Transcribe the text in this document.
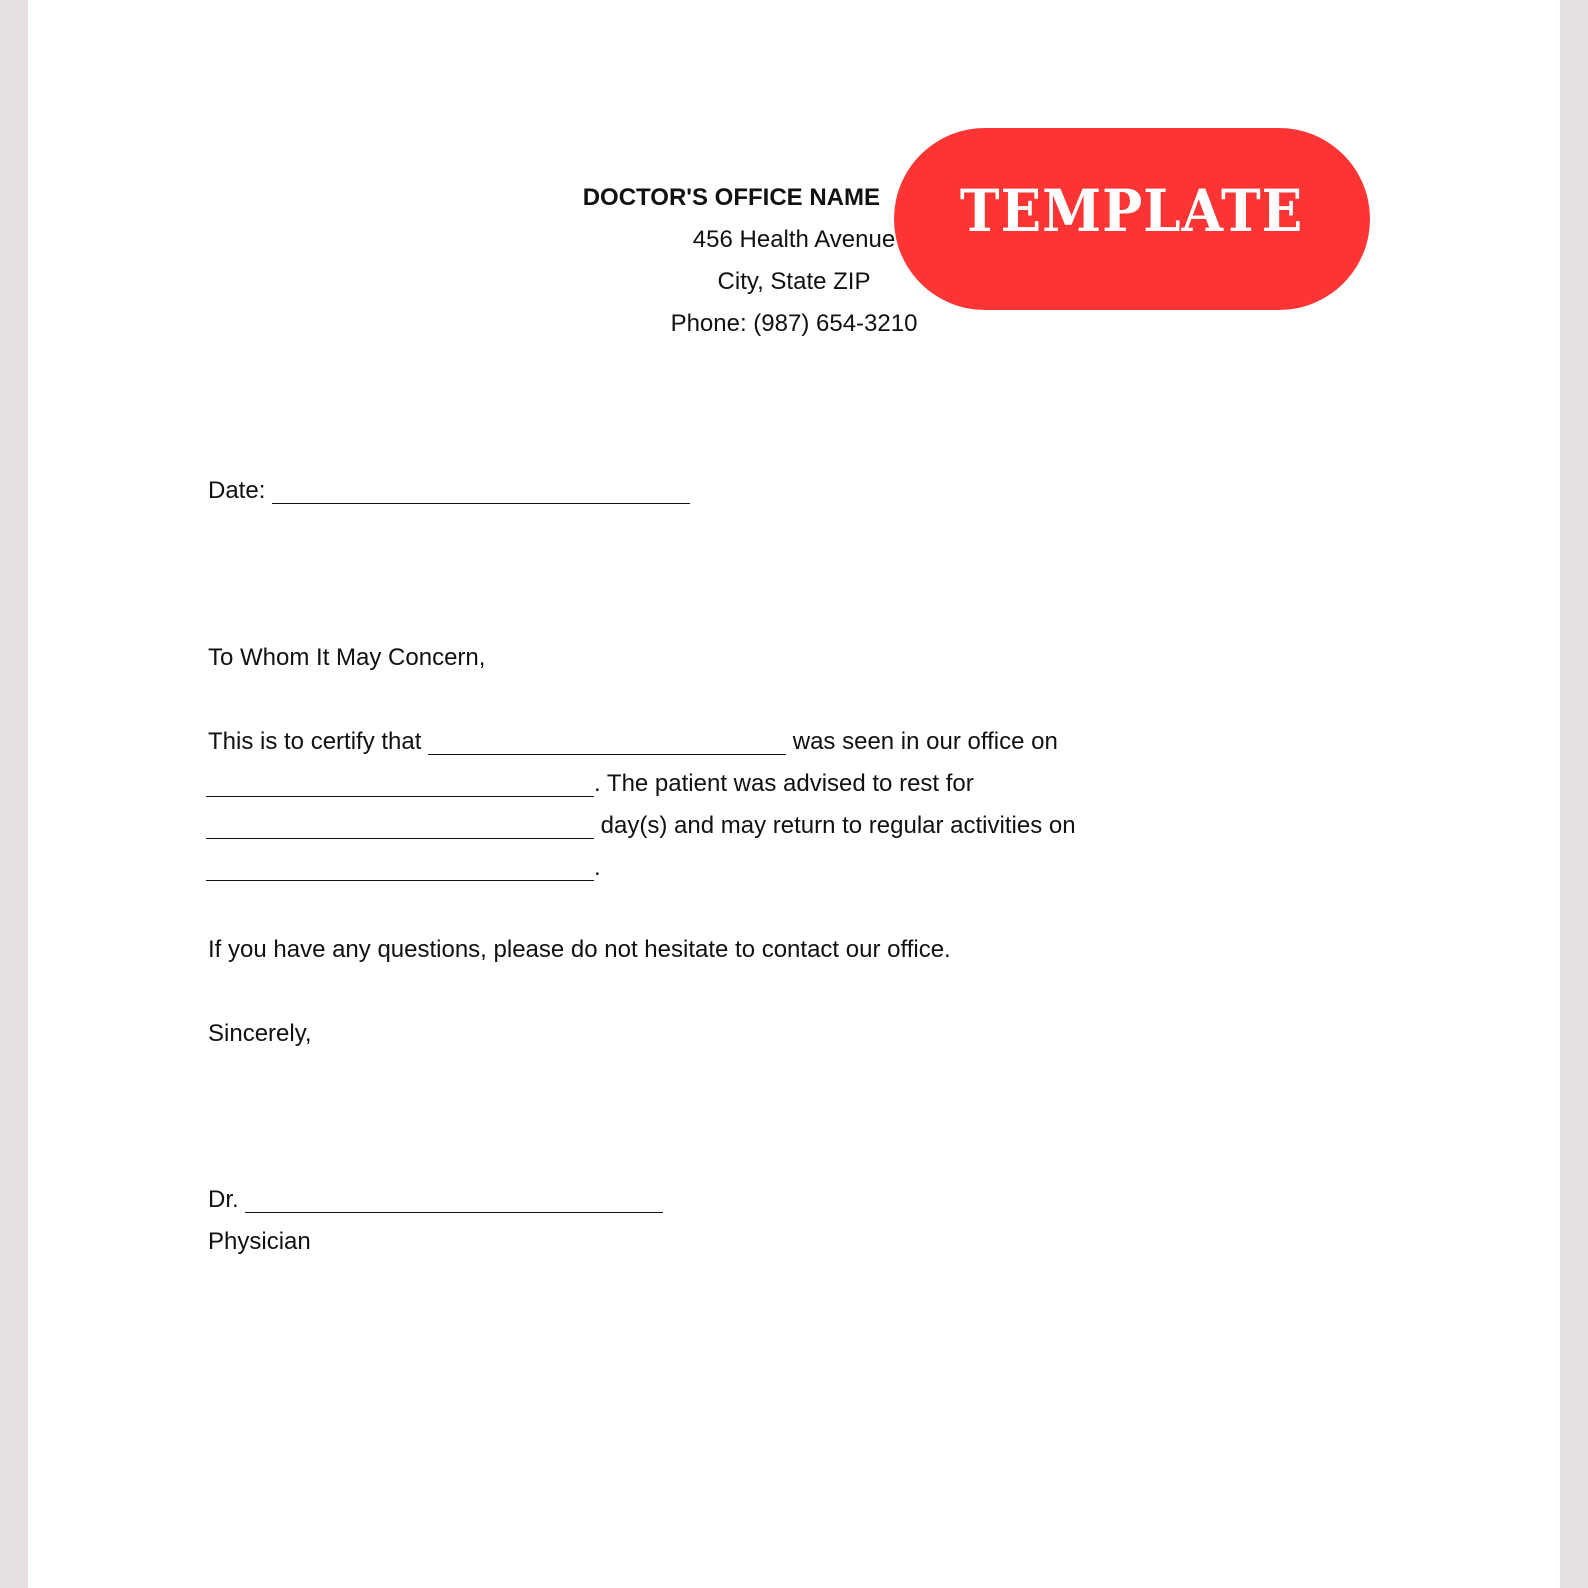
DOCTOR'S OFFICE NAME
456 Health Avenue
City, State ZIP
Phone: (987) 654-3210
Date:
To Whom It May Concern,
This is to certify that	was seen in our office on
. The patient was advised to rest for
day(s) and may return to regular activities on
.
If you have any questions, please do not hesitate to contact our office.
Sincerely,
Dr.
Physician
TEMPLATE
